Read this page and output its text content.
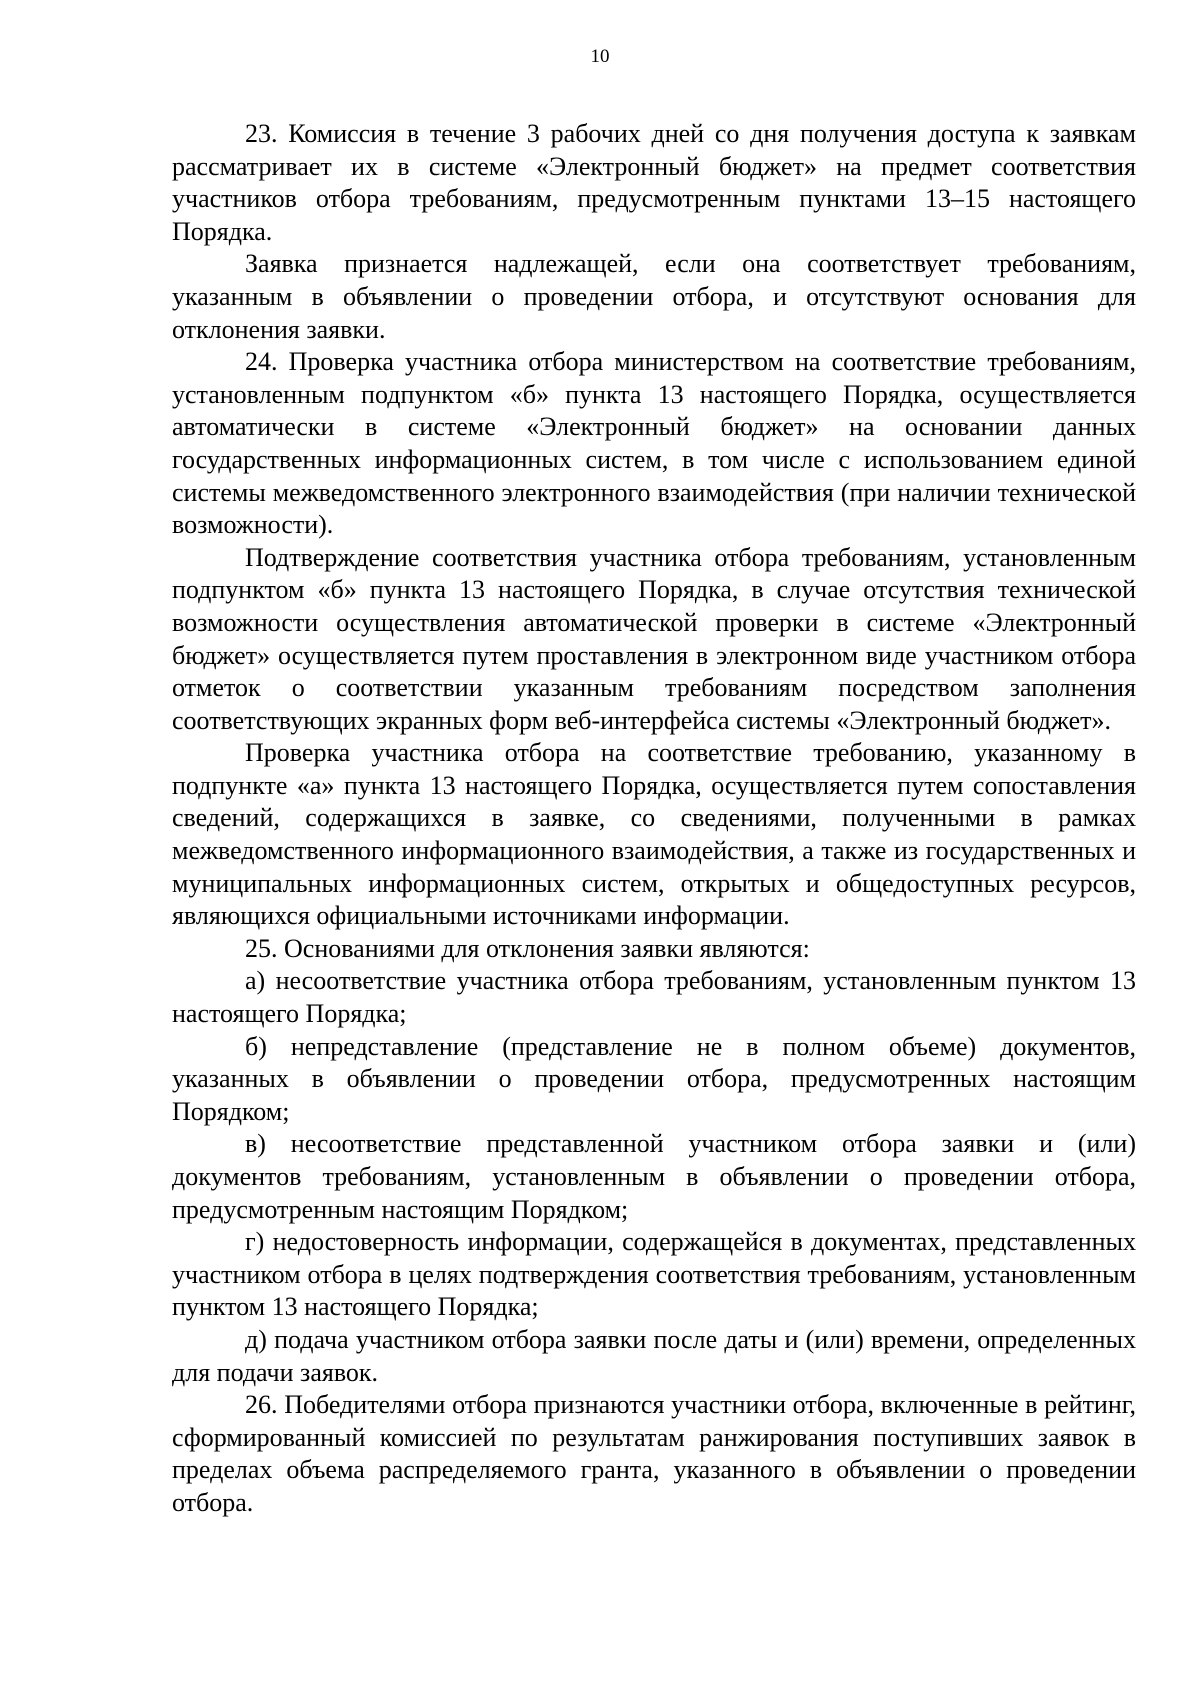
10

23. Комиссия в течение 3 рабочих дней со дня получения доступа к заявкам рассматривает их в системе «Электронный бюджет» на предмет соответствия участников отбора требованиям, предусмотренным пунктами 13–15 настоящего Порядка.

Заявка признается надлежащей, если она соответствует требованиям, указанным в объявлении о проведении отбора, и отсутствуют основания для отклонения заявки.

24. Проверка участника отбора министерством на соответствие требованиям, установленным подпунктом «б» пункта 13 настоящего Порядка, осуществляется автоматически в системе «Электронный бюджет» на основании данных государственных информационных систем, в том числе с использованием единой системы межведомственного электронного взаимодействия (при наличии технической возможности).

Подтверждение соответствия участника отбора требованиям, установленным подпунктом «б» пункта 13 настоящего Порядка, в случае отсутствия технической возможности осуществления автоматической проверки в системе «Электронный бюджет» осуществляется путем проставления в электронном виде участником отбора отметок о соответствии указанным требованиям посредством заполнения соответствующих экранных форм веб-интерфейса системы «Электронный бюджет».

Проверка участника отбора на соответствие требованию, указанному в подпункте «а» пункта 13 настоящего Порядка, осуществляется путем сопоставления сведений, содержащихся в заявке, со сведениями, полученными в рамках межведомственного информационного взаимодействия, а также из государственных и муниципальных информационных систем, открытых и общедоступных ресурсов, являющихся официальными источниками информации.

25. Основаниями для отклонения заявки являются:

а) несоответствие участника отбора требованиям, установленным пунктом 13 настоящего Порядка;

б) непредставление (представление не в полном объеме) документов, указанных в объявлении о проведении отбора, предусмотренных настоящим Порядком;

в) несоответствие представленной участником отбора заявки и (или) документов требованиям, установленным в объявлении о проведении отбора, предусмотренным настоящим Порядком;

г) недостоверность информации, содержащейся в документах, представленных участником отбора в целях подтверждения соответствия требованиям, установленным пунктом 13 настоящего Порядка;

д) подача участником отбора заявки после даты и (или) времени, определенных для подачи заявок.

26. Победителями отбора признаются участники отбора, включенные в рейтинг, сформированный комиссией по результатам ранжирования поступивших заявок в пределах объема распределяемого гранта, указанного в объявлении о проведении отбора.
